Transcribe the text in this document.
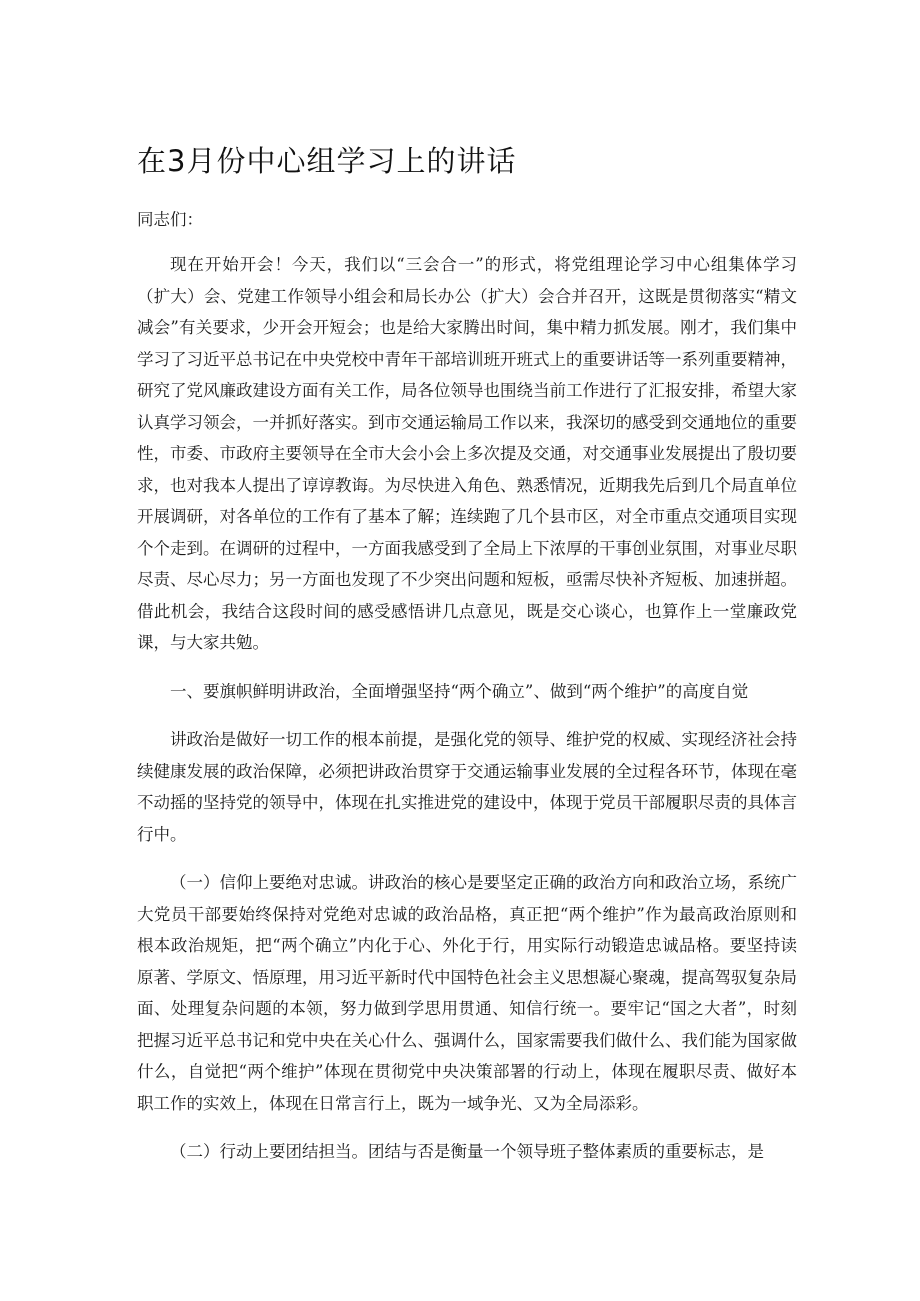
在3月份中心组学习上的讲话

同志们：

现在开始开会！今天，我们以“三会合一”的形式，将党组理论学习中心组集体学习（扩大）会、党建工作领导小组会和局长办公（扩大）会合并召开，这既是贯彻落实“精文减会”有关要求，少开会开短会；也是给大家腾出时间，集中精力抓发展。刚才，我们集中学习了习近平总书记在中央党校中青年干部培训班开班式上的重要讲话等一系列重要精神，研究了党风廉政建设方面有关工作，局各位领导也围绕当前工作进行了汇报安排，希望大家认真学习领会，一并抓好落实。到市交通运输局工作以来，我深切的感受到交通地位的重要性，市委、市政府主要领导在全市大会小会上多次提及交通，对交通事业发展提出了殷切要求，也对我本人提出了谆谆教诲。为尽快进入角色、熟悉情况，近期我先后到几个局直单位开展调研，对各单位的工作有了基本了解；连续跑了几个县市区，对全市重点交通项目实现个个走到。在调研的过程中，一方面我感受到了全局上下浓厚的干事创业氛围，对事业尽职尽责、尽心尽力；另一方面也发现了不少突出问题和短板，亟需尽快补齐短板、加速拼超。借此机会，我结合这段时间的感受感悟讲几点意见，既是交心谈心，也算作上一堂廉政党课，与大家共勉。

一、要旗帜鲜明讲政治，全面增强坚持“两个确立”、做到“两个维护”的高度自觉

讲政治是做好一切工作的根本前提，是强化党的领导、维护党的权威、实现经济社会持续健康发展的政治保障，必须把讲政治贯穿于交通运输事业发展的全过程各环节，体现在毫不动摇的坚持党的领导中，体现在扎实推进党的建设中，体现于党员干部履职尽责的具体言行中。

（一）信仰上要绝对忠诚。讲政治的核心是要坚定正确的政治方向和政治立场，系统广大党员干部要始终保持对党绝对忠诚的政治品格，真正把“两个维护”作为最高政治原则和根本政治规矩，把“两个确立”内化于心、外化于行，用实际行动锻造忠诚品格。要坚持读原著、学原文、悟原理，用习近平新时代中国特色社会主义思想凝心聚魂，提高驾驭复杂局面、处理复杂问题的本领，努力做到学思用贯通、知信行统一。要牢记“国之大者”，时刻把握习近平总书记和党中央在关心什么、强调什么，国家需要我们做什么、我们能为国家做什么，自觉把“两个维护”体现在贯彻党中央决策部署的行动上，体现在履职尽责、做好本职工作的实效上，体现在日常言行上，既为一域争光、又为全局添彩。

（二）行动上要团结担当。团结与否是衡量一个领导班子整体素质的重要标志，是
